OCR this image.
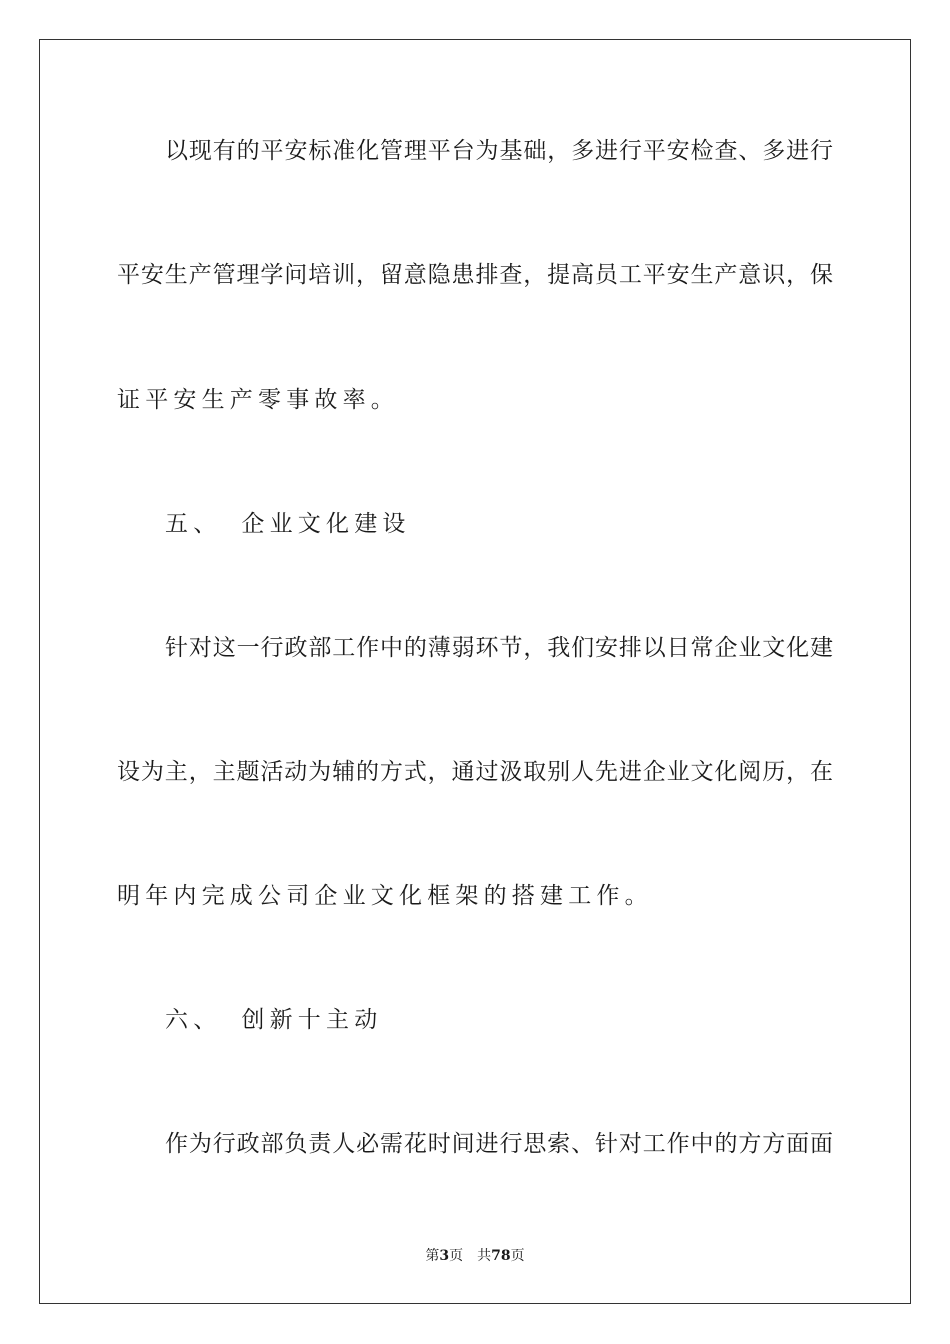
以现有的平安标准化管理平台为基础，多进行平安检查、多进行
平安生产管理学问培训，留意隐患排查，提高员工平安生产意识，保
证平安生产零事故率。
五、 企业文化建设
针对这一行政部工作中的薄弱环节，我们安排以日常企业文化建
设为主，主题活动为辅的方式，通过汲取别人先进企业文化阅历，在
明年内完成公司企业文化框架的搭建工作。
六、 创新十主动
作为行政部负责人必需花时间进行思索、针对工作中的方方面面
第3页 共78页
